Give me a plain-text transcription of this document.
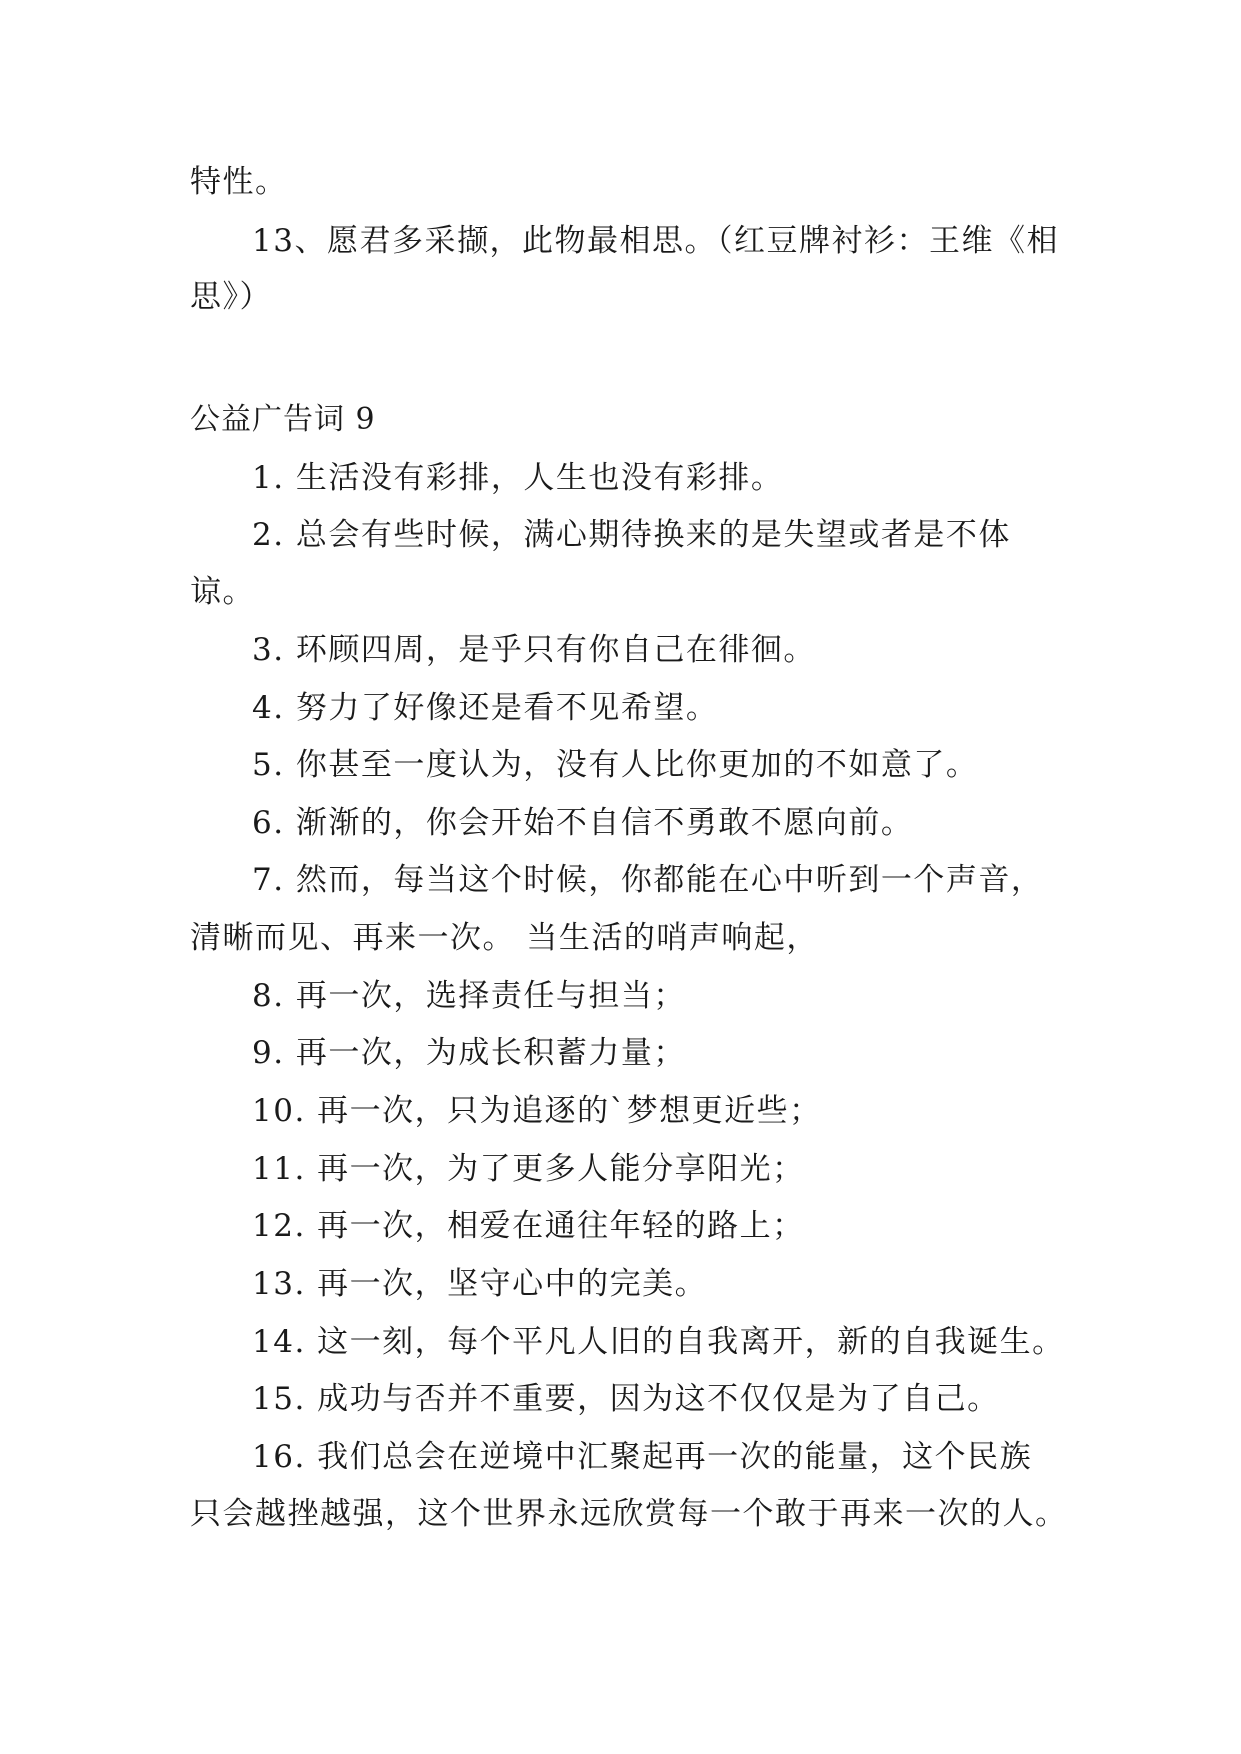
特性。
13、愿君多采撷，此物最相思。（红豆牌衬衫：王维《相
思》）
公益广告词 9
1. 生活没有彩排，人生也没有彩排。
2. 总会有些时候，满心期待换来的是失望或者是不体
谅。
3. 环顾四周，是乎只有你自己在徘徊。
4. 努力了好像还是看不见希望。
5. 你甚至一度认为，没有人比你更加的不如意了。
6. 渐渐的，你会开始不自信不勇敢不愿向前。
7. 然而，每当这个时候，你都能在心中听到一个声音，
清晰而见、再来一次。 当生活的哨声响起，
8. 再一次，选择责任与担当；
9. 再一次，为成长积蓄力量；
10. 再一次，只为追逐的`梦想更近些；
11. 再一次，为了更多人能分享阳光；
12. 再一次，相爱在通往年轻的路上；
13. 再一次，坚守心中的完美。
14. 这一刻，每个平凡人旧的自我离开，新的自我诞生。
15. 成功与否并不重要，因为这不仅仅是为了自己。
16. 我们总会在逆境中汇聚起再一次的能量，这个民族
只会越挫越强，这个世界永远欣赏每一个敢于再来一次的人。
